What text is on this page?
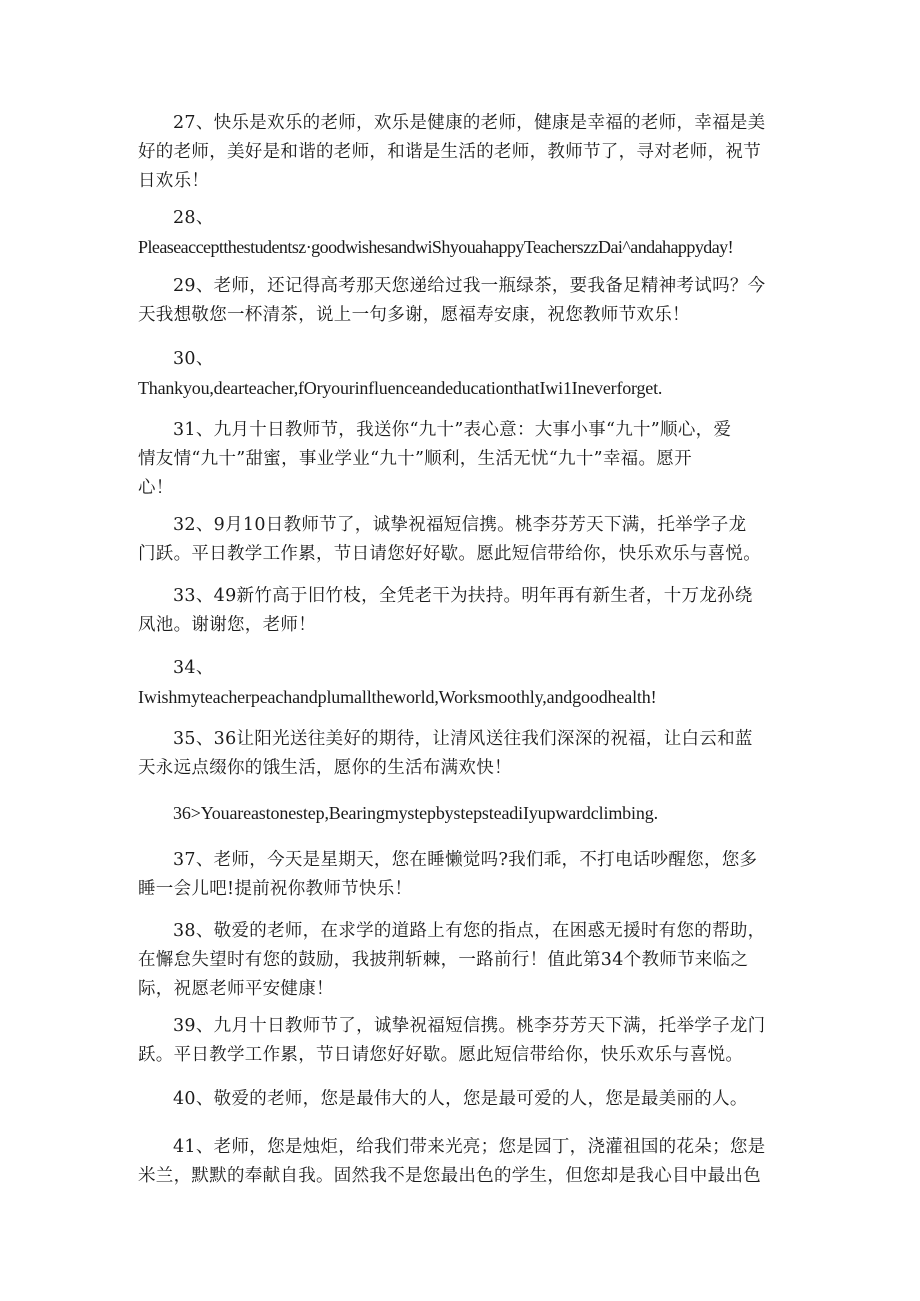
27、快乐是欢乐的老师，欢乐是健康的老师，健康是幸福的老师，幸福是美
好的老师，美好是和谐的老师，和谐是生活的老师，教师节了，寻对老师，祝节
日欢乐！

28、
Pleaseacceptthestudentsz·goodwishesandwiShyouahappyTeacherszzDai^andahappyday!

29、老师，还记得高考那天您递给过我一瓶绿茶，要我备足精神考试吗？今
天我想敬您一杯清茶，说上一句多谢，愿福寿安康，祝您教师节欢乐！

30、
Thankyou,dearteacher,fOryourinfluenceandeducationthatIwi1Ineverforget.

31、九月十日教师节，我送你“九十”表心意：大事小事“九十”顺心，爱
情友情“九十”甜蜜，事业学业“九十”顺利，生活无忧“九十”幸福。愿开
心！

32、9月10日教师节了，诚挚祝福短信携。桃李芬芳天下满，托举学子龙
门跃。平日教学工作累，节日请您好好歇。愿此短信带给你，快乐欢乐与喜悦。

33、49新竹高于旧竹枝，全凭老干为扶持。明年再有新生者，十万龙孙绕
凤池。谢谢您，老师！

34、
Iwishmyteacherpeachandplumalltheworld,Worksmoothly,andgoodhealth!

35、36让阳光送往美好的期待，让清风送往我们深深的祝福，让白云和蓝
天永远点缀你的饿生活，愿你的生活布满欢快！

36>Youareastonestep,BearingmystepbystepsteadiIyupwardclimbing.

37、老师，今天是星期天，您在睡懒觉吗?我们乖，不打电话吵醒您，您多
睡一会儿吧!提前祝你教师节快乐！

38、敬爱的老师，在求学的道路上有您的指点，在困惑无援时有您的帮助，
在懈怠失望时有您的鼓励，我披荆斩棘，一路前行！值此第34个教师节来临之
际，祝愿老师平安健康！

39、九月十日教师节了，诚挚祝福短信携。桃李芬芳天下满，托举学子龙门
跃。平日教学工作累，节日请您好好歇。愿此短信带给你，快乐欢乐与喜悦。

40、敬爱的老师，您是最伟大的人，您是最可爱的人，您是最美丽的人。

41、老师，您是烛炬，给我们带来光亮；您是园丁，浇灌祖国的花朵；您是
米兰，默默的奉献自我。固然我不是您最出色的学生，但您却是我心目中最出色
